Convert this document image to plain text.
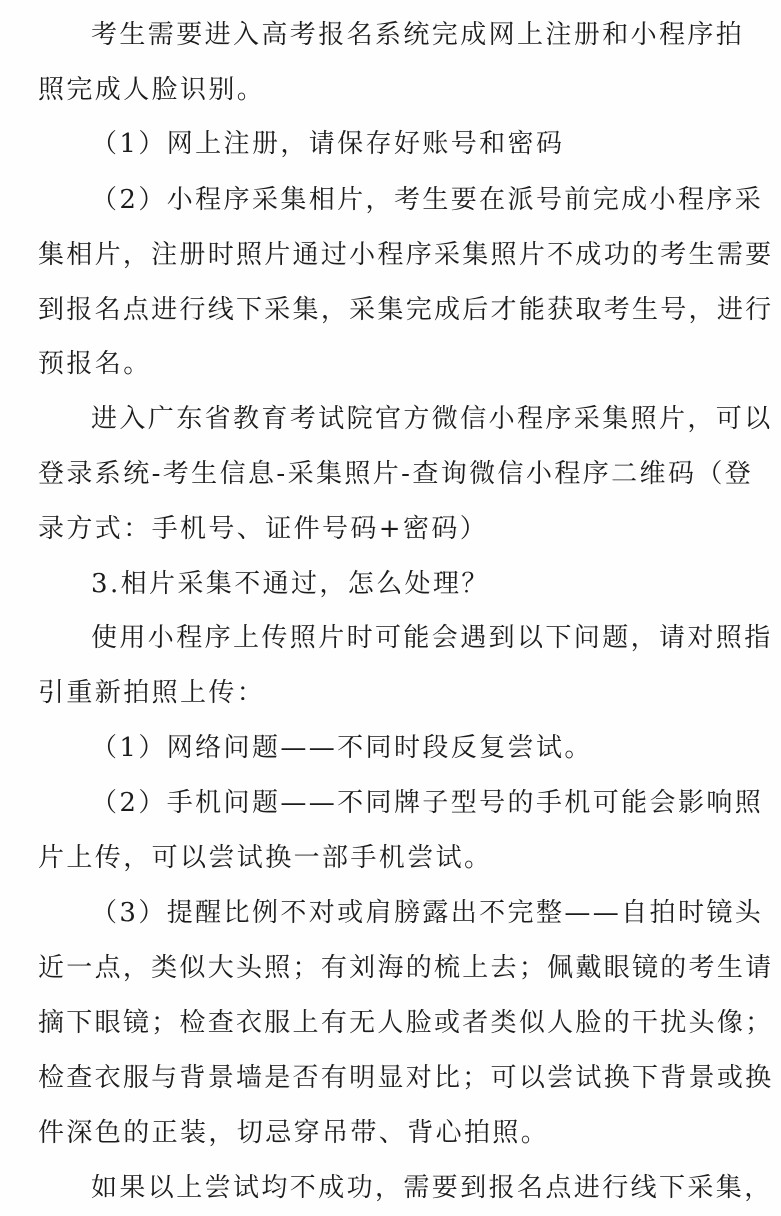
考生需要进入高考报名系统完成网上注册和小程序拍
照完成人脸识别。
（1）网上注册，请保存好账号和密码
（2）小程序采集相片，考生要在派号前完成小程序采
集相片，注册时照片通过小程序采集照片不成功的考生需要
到报名点进行线下采集，采集完成后才能获取考生号，进行
预报名。
进入广东省教育考试院官方微信小程序采集照片，可以
登录系统-考生信息-采集照片-查询微信小程序二维码（登
录方式：手机号、证件号码+密码）
3.相片采集不通过，怎么处理？
使用小程序上传照片时可能会遇到以下问题，请对照指
引重新拍照上传：
（1）网络问题——不同时段反复尝试。
（2）手机问题——不同牌子型号的手机可能会影响照
片上传，可以尝试换一部手机尝试。
（3）提醒比例不对或肩膀露出不完整——自拍时镜头
近一点，类似大头照；有刘海的梳上去；佩戴眼镜的考生请
摘下眼镜；检查衣服上有无人脸或者类似人脸的干扰头像；
检查衣服与背景墙是否有明显对比；可以尝试换下背景或换
件深色的正装，切忌穿吊带、背心拍照。
如果以上尝试均不成功，需要到报名点进行线下采集，
